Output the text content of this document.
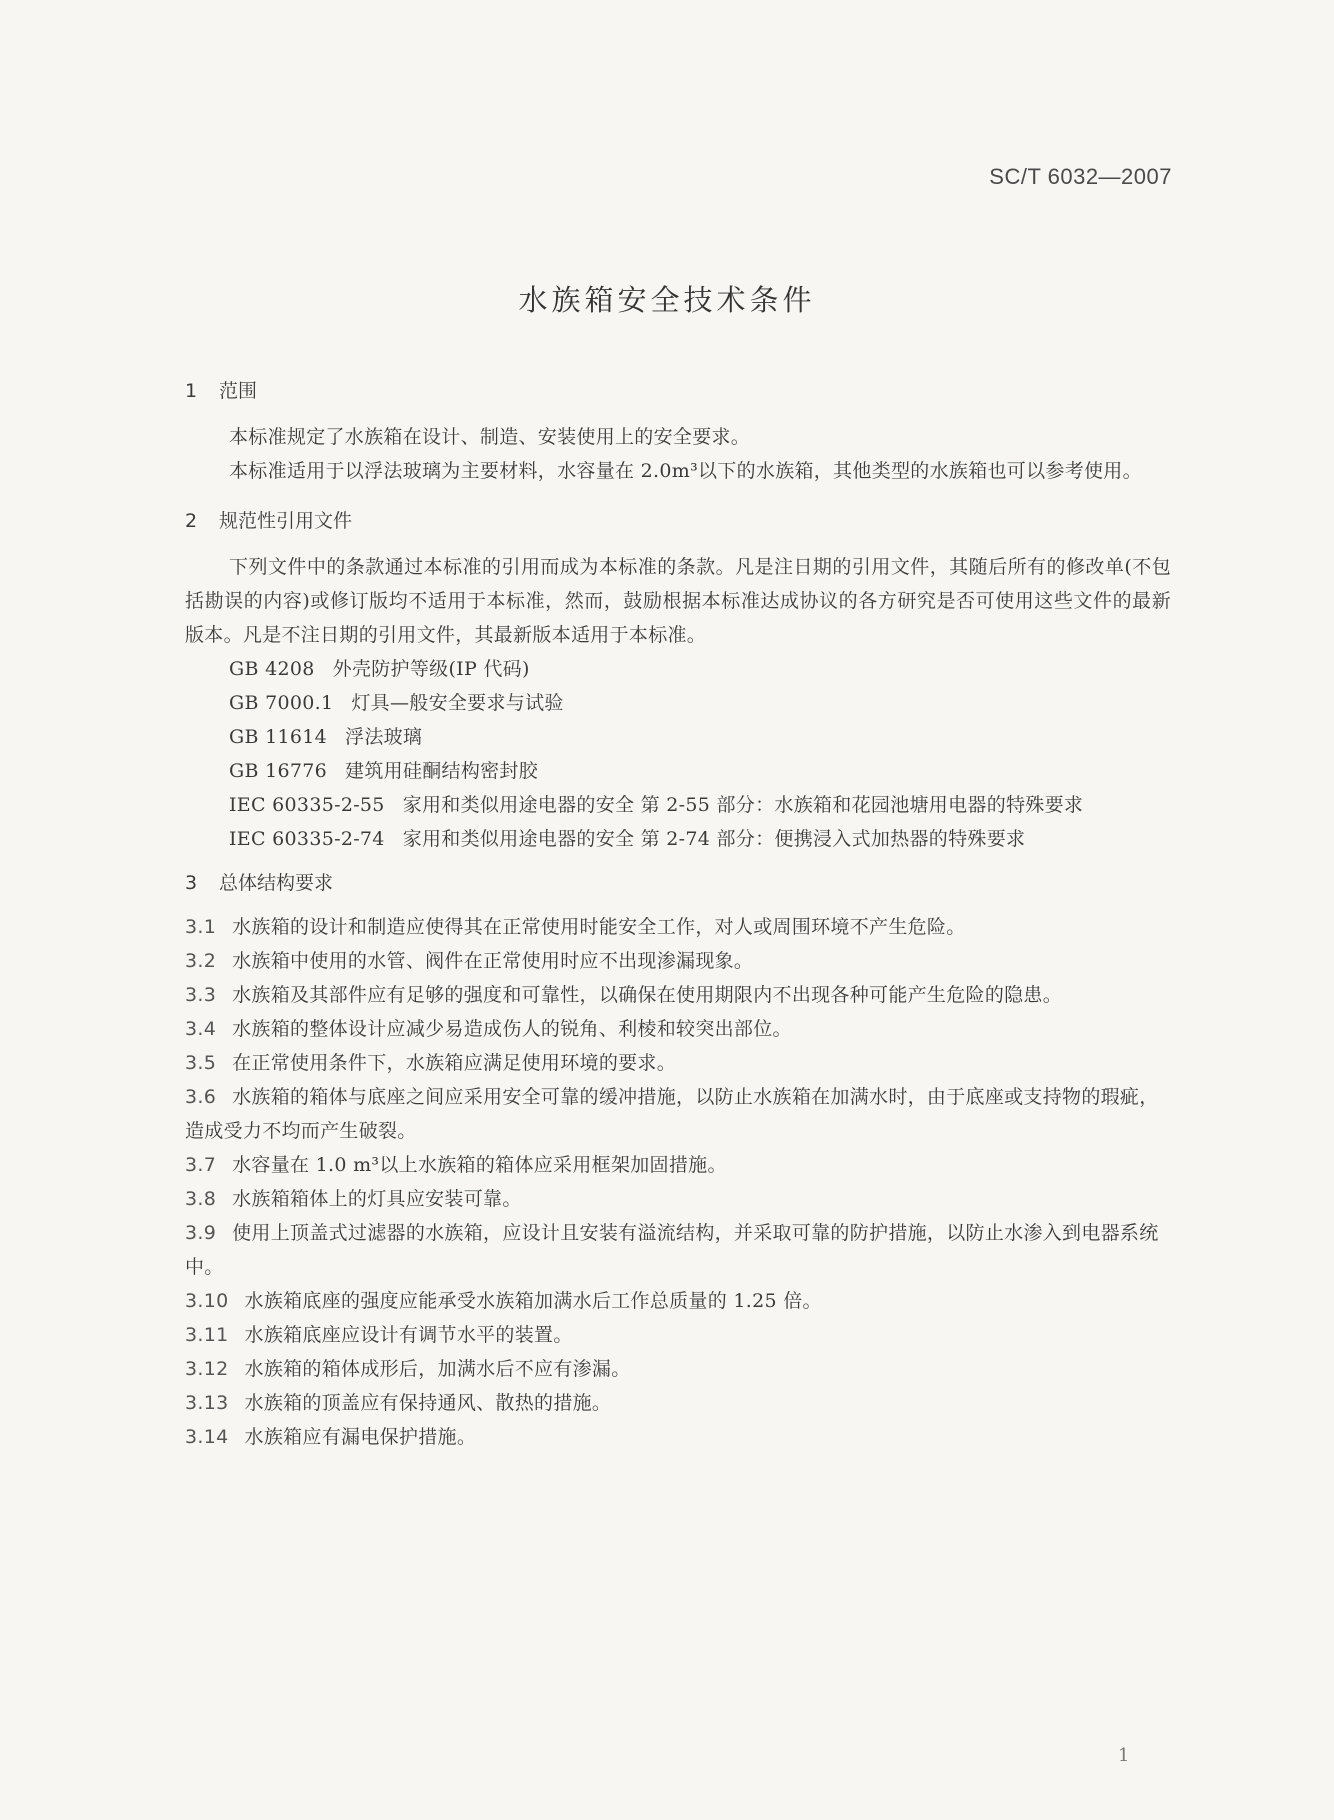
SC/T 6032—2007
水族箱安全技术条件
1 范围

本标准规定了水族箱在设计、制造、安装使用上的安全要求。

本标准适用于以浮法玻璃为主要材料，水容量在 2.0m³以下的水族箱，其他类型的水族箱也可以参考使用。

2 规范性引用文件

下列文件中的条款通过本标准的引用而成为本标准的条款。凡是注日期的引用文件，其随后所有的修改单(不包括勘误的内容)或修订版均不适用于本标准，然而，鼓励根据本标准达成协议的各方研究是否可使用这些文件的最新版本。凡是不注日期的引用文件，其最新版本适用于本标准。

GB 4208 外壳防护等级(IP 代码)

GB 7000.1 灯具—般安全要求与试验

GB 11614 浮法玻璃

GB 16776 建筑用硅酮结构密封胶

IEC 60335-2-55 家用和类似用途电器的安全 第 2-55 部分：水族箱和花园池塘用电器的特殊要求

IEC 60335-2-74 家用和类似用途电器的安全 第 2-74 部分：便携浸入式加热器的特殊要求

3 总体结构要求

3.1 水族箱的设计和制造应使得其在正常使用时能安全工作，对人或周围环境不产生危险。

3.2 水族箱中使用的水管、阀件在正常使用时应不出现渗漏现象。

3.3 水族箱及其部件应有足够的强度和可靠性，以确保在使用期限内不出现各种可能产生危险的隐患。

3.4 水族箱的整体设计应减少易造成伤人的锐角、利棱和较突出部位。

3.5 在正常使用条件下，水族箱应满足使用环境的要求。

3.6 水族箱的箱体与底座之间应采用安全可靠的缓冲措施，以防止水族箱在加满水时，由于底座或支持物的瑕疵，造成受力不均而产生破裂。

3.7 水容量在 1.0 m³以上水族箱的箱体应采用框架加固措施。

3.8 水族箱箱体上的灯具应安装可靠。

3.9 使用上顶盖式过滤器的水族箱，应设计且安装有溢流结构，并采取可靠的防护措施，以防止水渗入到电器系统中。

3.10 水族箱底座的强度应能承受水族箱加满水后工作总质量的 1.25 倍。

3.11 水族箱底座应设计有调节水平的装置。

3.12 水族箱的箱体成形后，加满水后不应有渗漏。

3.13 水族箱的顶盖应有保持通风、散热的措施。

3.14 水族箱应有漏电保护措施。

1
